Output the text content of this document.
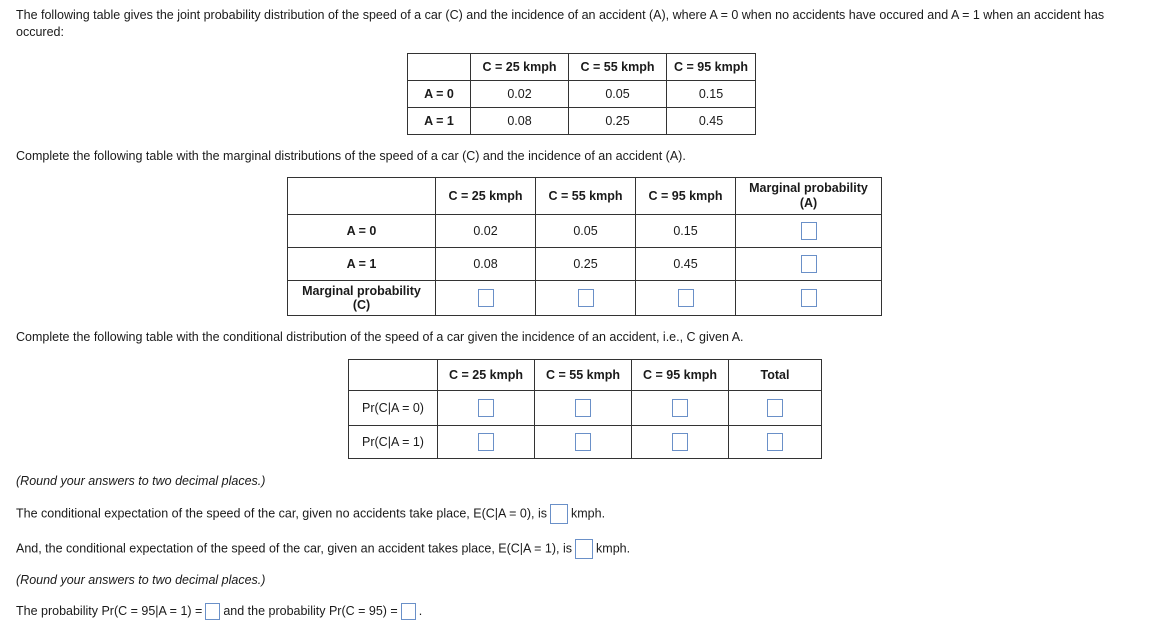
The following table gives the joint probability distribution of the speed of a car (C) and the incidence of an accident (A), where A = 0 when no accidents have occured and A = 1 when an accident has occured:
	C = 25 kmph	C = 55 kmph	C = 95 kmph
A = 0	0.02	0.05	0.15
A = 1	0.08	0.25	0.45
Complete the following table with the marginal distributions of the speed of a car (C) and the incidence of an accident (A).
	C = 25 kmph	C = 55 kmph	C = 95 kmph	Marginal probability
(A)

A = 0	0.02	0.05	0.15	
A = 1	0.08	0.25	0.45	

Marginal probability
(C)				

Complete the following table with the conditional distribution of the speed of a car given the incidence of an accident, i.e., C given A.
	C = 25 kmph	C = 55 kmph	C = 95 kmph	Total
Pr(C|A = 0)				
Pr(C|A = 1)				
(Round your answers to two decimal places.)
The conditional expectation of the speed of the car, given no accidents take place, E(C|A = 0), is kmph.
And, the conditional expectation of the speed of the car, given an accident takes place, E(C|A = 1), is kmph.
(Round your answers to two decimal places.)
The probability Pr(C = 95|A = 1) = and the probability Pr(C = 95) = .
